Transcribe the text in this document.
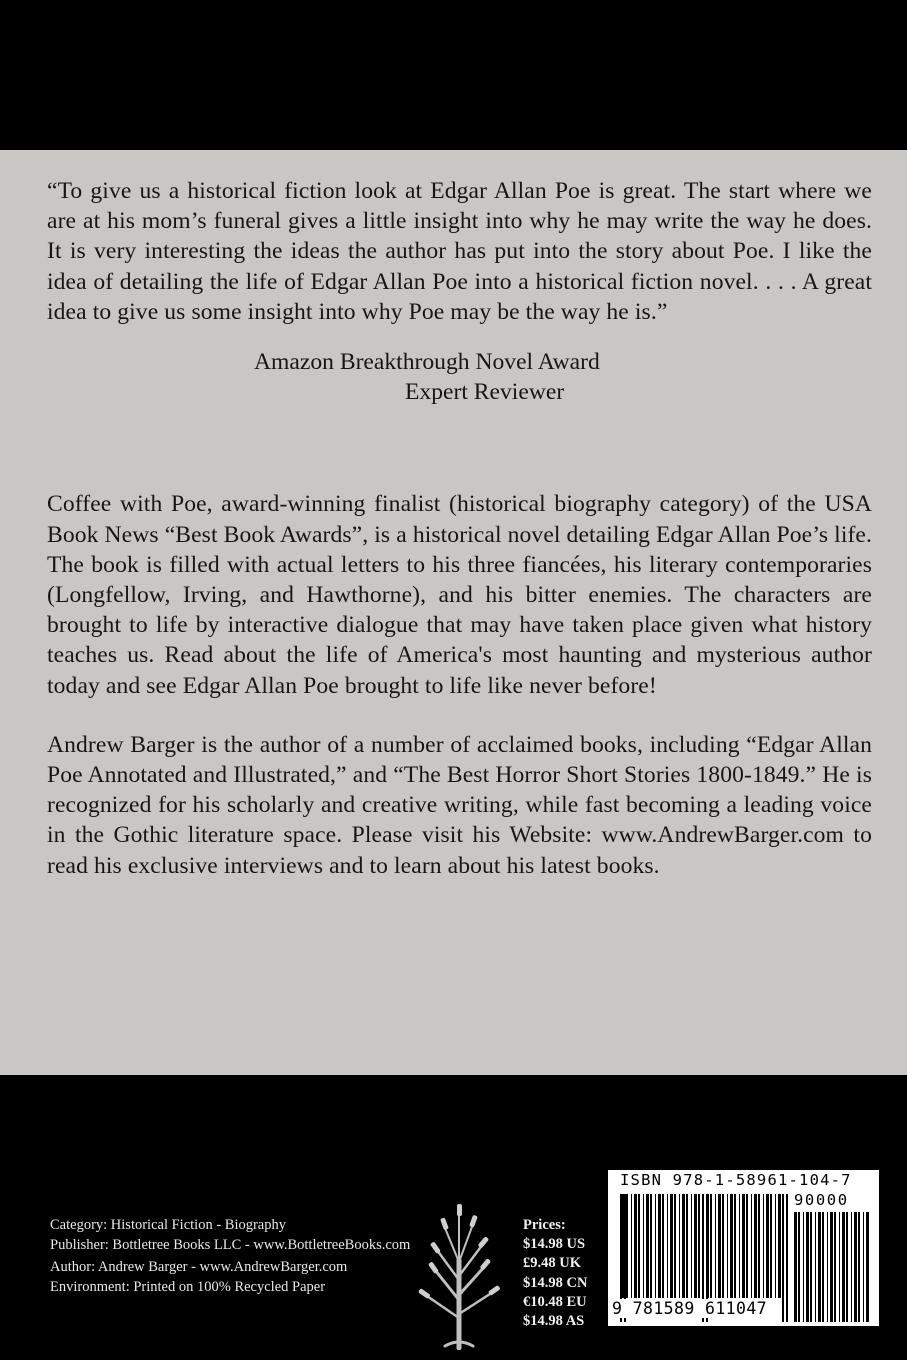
“To give us a historical fiction look at Edgar Allan Poe is great. The start where we are at his mom’s funeral gives a little insight into why he may write the way he does. It is very interesting the ideas the author has put into the story about Poe. I like the idea of detailing the life of Edgar Allan Poe into a historical fiction novel. . . . A great idea to give us some insight into why Poe may be the way he is.”

Amazon Breakthrough Novel Award
Expert Reviewer

Coffee with Poe, award-winning finalist (historical biography category) of the USA Book News “Best Book Awards”, is a historical novel detailing Edgar Allan Poe’s life. The book is filled with actual letters to his three fiancées, his literary contemporaries (Longfellow, Irving, and Hawthorne), and his bitter enemies. The characters are brought to life by interactive dialogue that may have taken place given what history teaches us. Read about the life of America's most haunting and mysterious author today and see Edgar Allan Poe brought to life like never before!

Andrew Barger is the author of a number of acclaimed books, including “Edgar Allan Poe Annotated and Illustrated,” and “The Best Horror Short Stories 1800-1849.” He is recognized for his scholarly and creative writing, while fast becoming a leading voice in the Gothic literature space. Please visit his Website: www.AndrewBarger.com to read his exclusive interviews and to learn about his latest books.

Category: Historical Fiction - Biography
Publisher: Bottletree Books LLC - www.BottletreeBooks.com
Author: Andrew Barger - www.AndrewBarger.com
Environment: Printed on 100% Recycled Paper
Prices:
$14.98 US
£9.48 UK
$14.98 CN
€10.48 EU
$14.98 AS
ISBN 978-1-58961-104-7
90000
9 781589 611047
